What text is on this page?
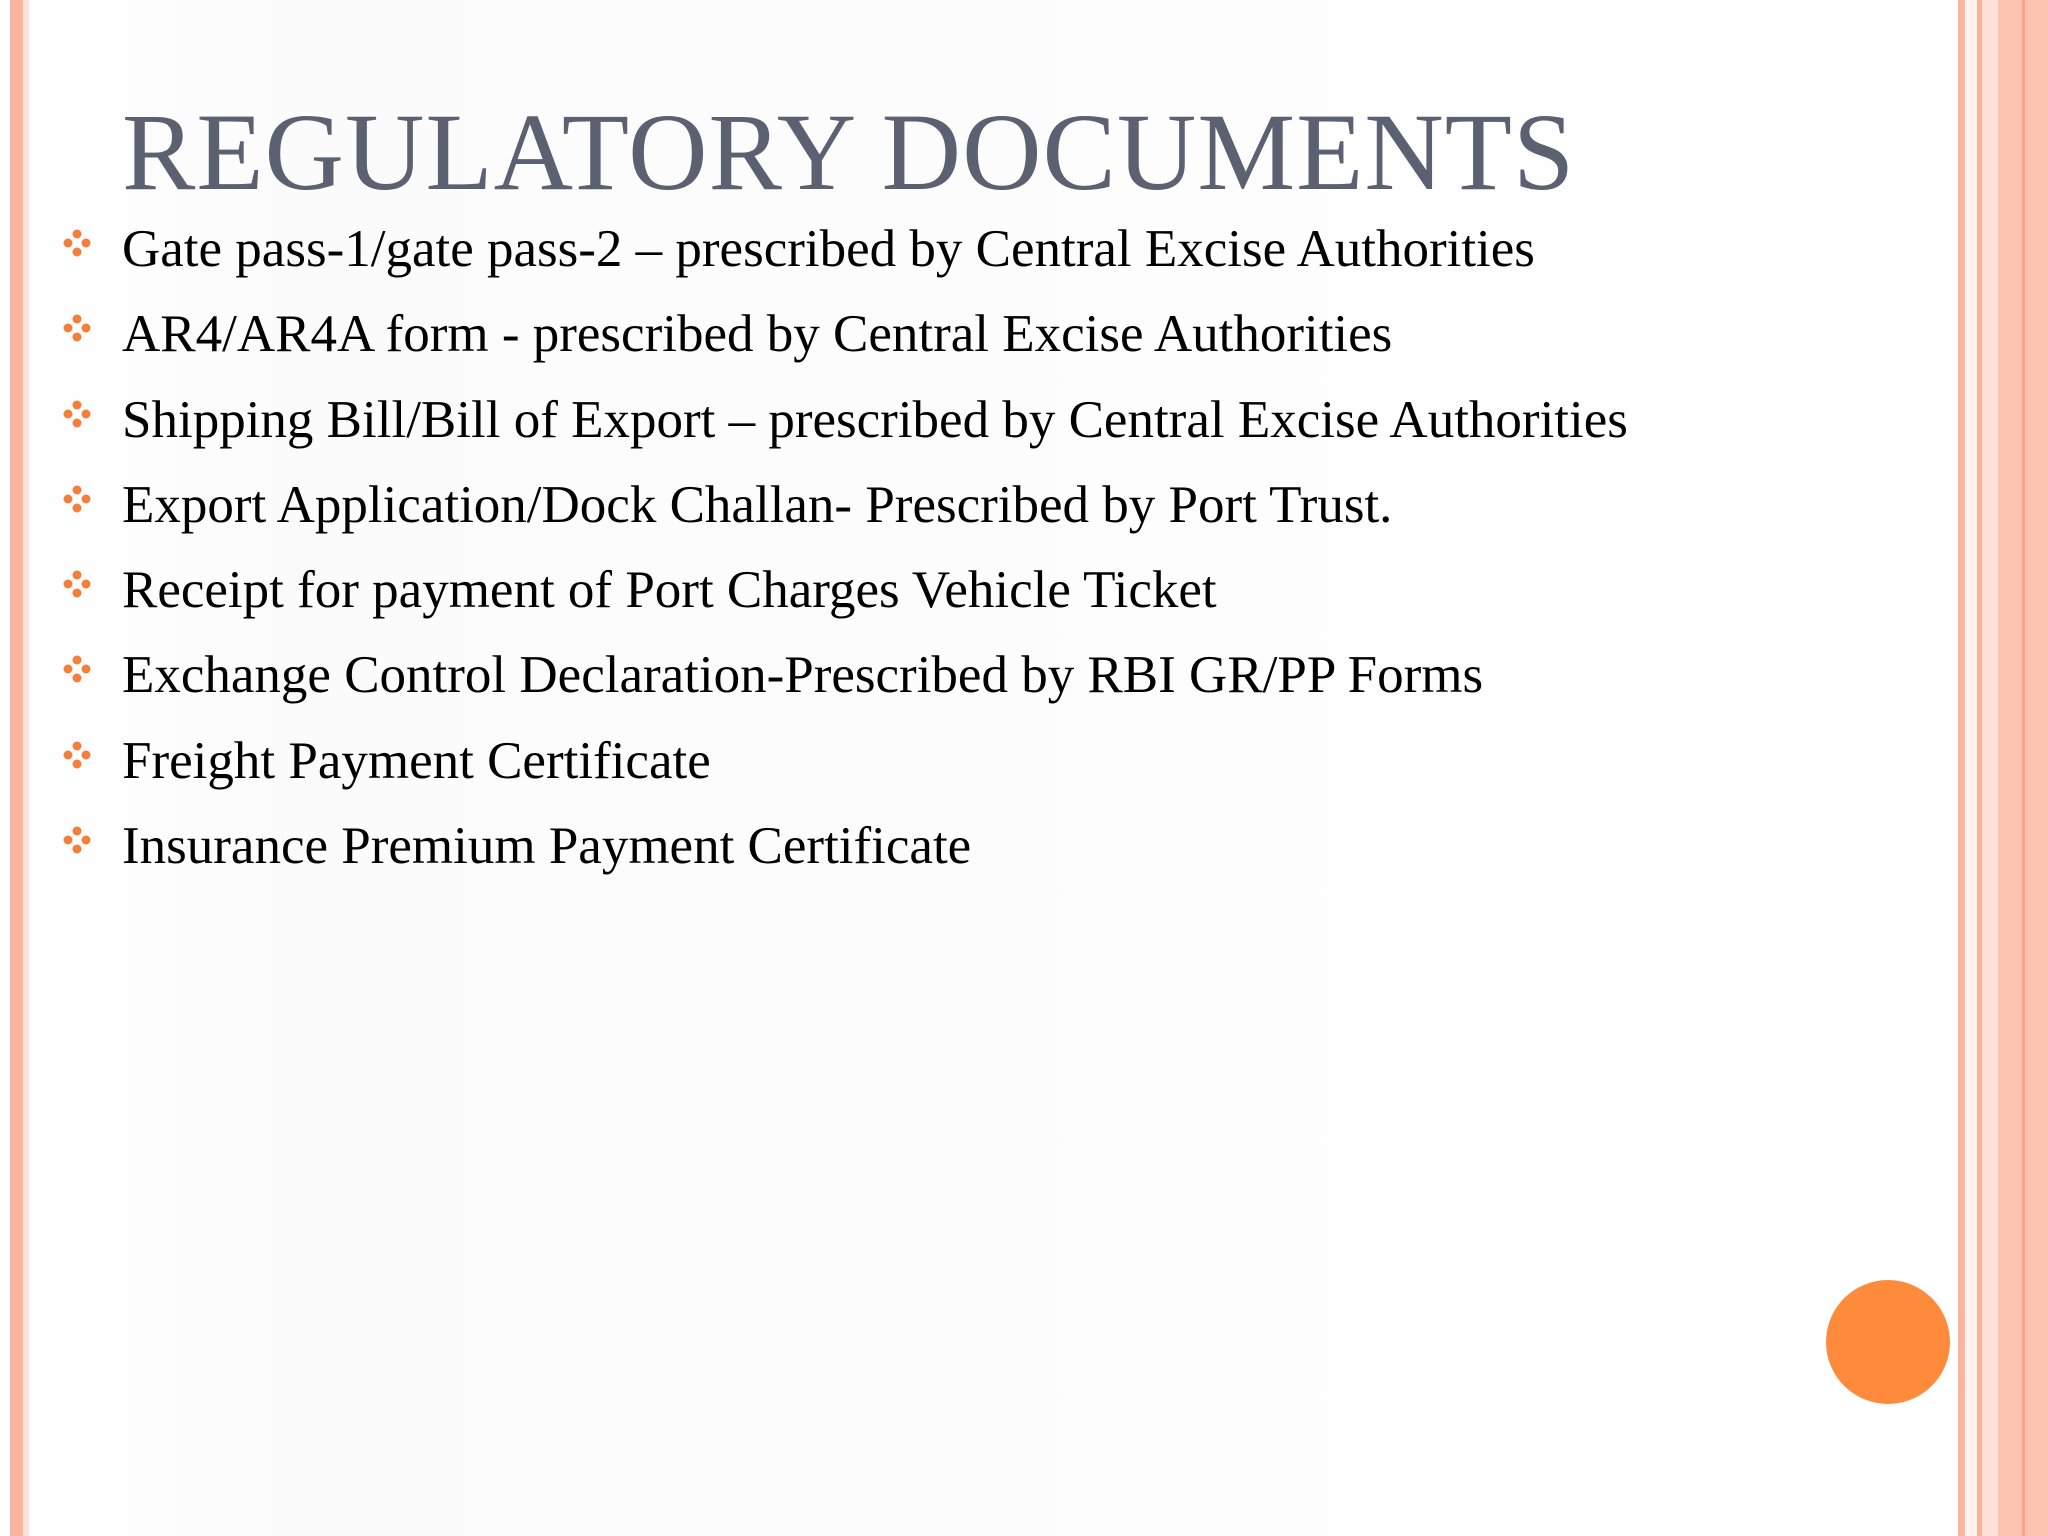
REGULATORY DOCUMENTS
Gate pass-1/gate pass-2 – prescribed by Central Excise Authorities
AR4/AR4A form - prescribed by Central Excise Authorities
Shipping Bill/Bill of Export – prescribed by Central Excise Authorities
Export Application/Dock Challan- Prescribed by Port Trust.
Receipt for payment of Port Charges Vehicle Ticket
Exchange Control Declaration-Prescribed by RBI GR/PP Forms
Freight Payment Certificate
Insurance Premium Payment Certificate
